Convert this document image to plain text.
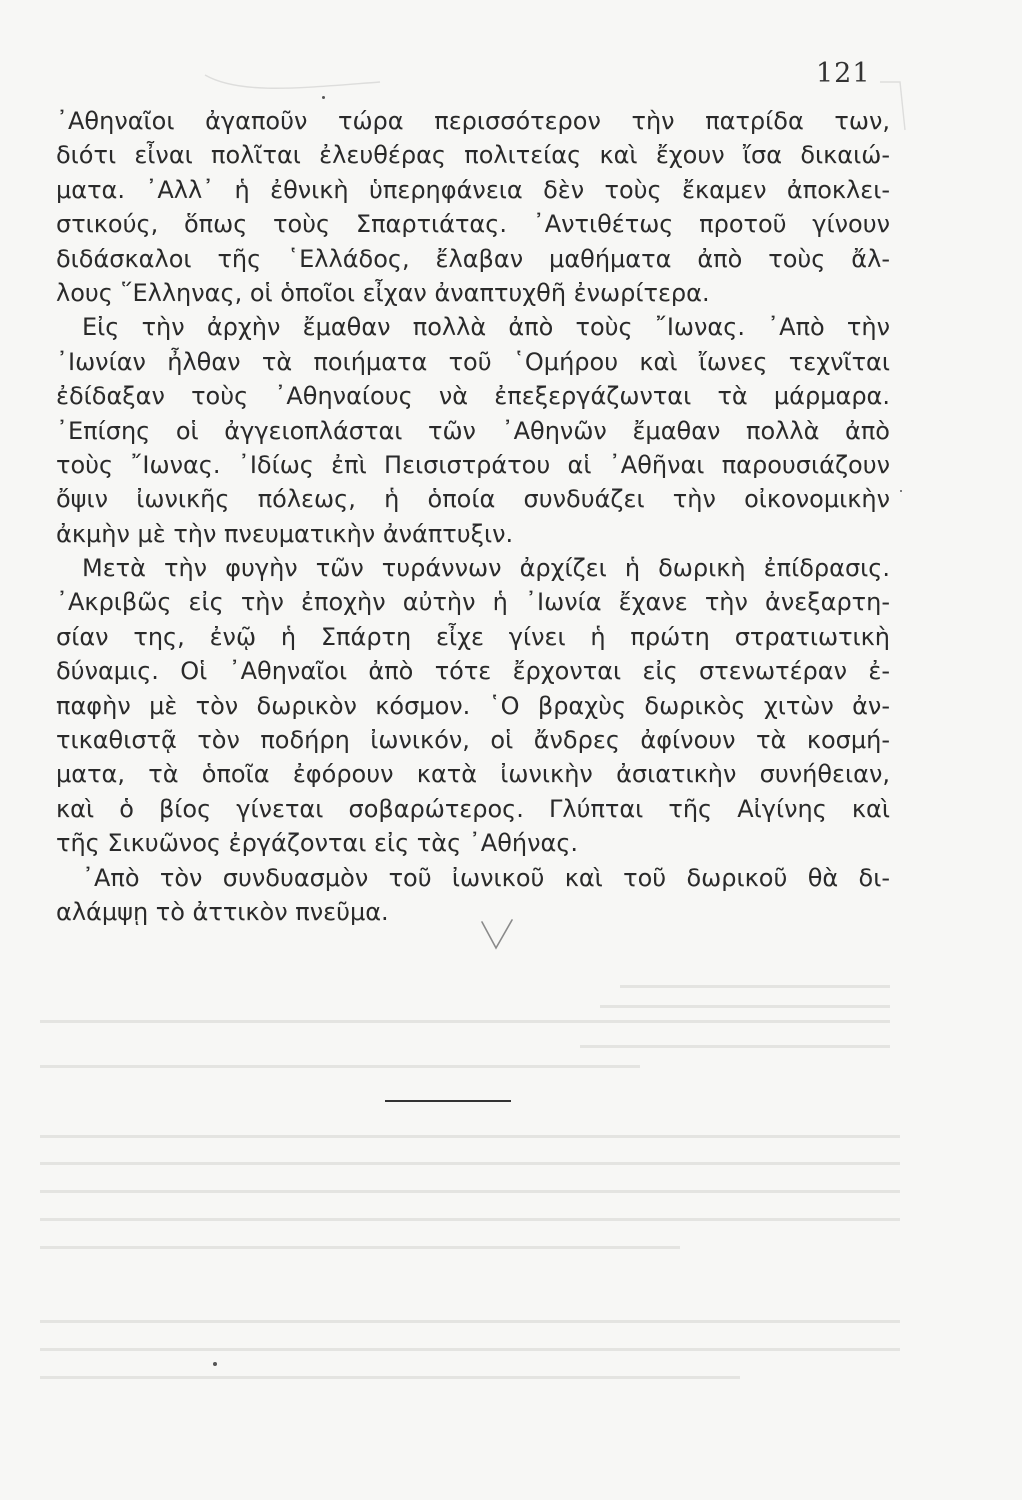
121
᾽Αθηναῖοι ἀγαποῦν τώρα περισσότερον τὴν πατρίδα των,
διότι εἶναι πολῖται ἐλευθέρας πολιτείας καὶ ἔχουν ἴσα δικαιώ-
ματα. ᾽Αλλ᾽ ἡ ἐθνικὴ ὑπερηφάνεια δὲν τοὺς ἔκαμεν ἀποκλει-
στικούς, ὅπως τοὺς Σπαρτιάτας. ᾽Αντιθέτως προτοῦ γίνουν
διδάσκαλοι τῆς ῾Ελλάδος, ἔλαβαν μαθήματα ἀπὸ τοὺς ἄλ-
λους ῞Ελληνας, οἱ ὁποῖοι εἶχαν ἀναπτυχθῆ ἐνωρίτερα.
Εἰς τὴν ἀρχὴν ἔμαθαν πολλὰ ἀπὸ τοὺς ῎Ιωνας. ᾽Απὸ τὴν
᾽Ιωνίαν ἦλθαν τὰ ποιήματα τοῦ ῾Ομήρου καὶ ἴωνες τεχνῖται
ἐδίδαξαν τοὺς ᾽Αθηναίους νὰ ἐπεξεργάζωνται τὰ μάρμαρα.
᾽Επίσης οἱ ἀγγειοπλάσται τῶν ᾽Αθηνῶν ἔμαθαν πολλὰ ἀπὸ
τοὺς ῎Ιωνας. ᾽Ιδίως ἐπὶ Πεισιστράτου αἱ ᾽Αθῆναι παρουσιάζουν
ὄψιν ἰωνικῆς πόλεως, ἡ ὁποία συνδυάζει τὴν οἰκονομικὴν
ἀκμὴν μὲ τὴν πνευματικὴν ἀνάπτυξιν.
Μετὰ τὴν φυγὴν τῶν τυράννων ἀρχίζει ἡ δωρικὴ ἐπίδρασις.
᾽Ακριβῶς εἰς τὴν ἐποχὴν αὐτὴν ἡ ᾽Ιωνία ἔχανε τὴν ἀνεξαρτη-
σίαν της, ἐνῷ ἡ Σπάρτη εἶχε γίνει ἡ πρώτη στρατιωτικὴ
δύναμις. Οἱ ᾽Αθηναῖοι ἀπὸ τότε ἔρχονται εἰς στενωτέραν ἐ-
παφὴν μὲ τὸν δωρικὸν κόσμον. ῾Ο βραχὺς δωρικὸς χιτὼν ἀν-
τικαθιστᾷ τὸν ποδήρη ἰωνικόν, οἱ ἄνδρες ἀφίνουν τὰ κοσμή-
ματα, τὰ ὁποῖα ἐφόρουν κατὰ ἰωνικὴν ἀσιατικὴν συνήθειαν,
καὶ ὁ βίος γίνεται σοβαρώτερος. Γλύπται τῆς Αἰγίνης καὶ
τῆς Σικυῶνος ἐργάζονται εἰς τὰς ᾽Αθήνας.
᾽Απὸ τὸν συνδυασμὸν τοῦ ἰωνικοῦ καὶ τοῦ δωρικοῦ θὰ δι-
αλάμψῃ τὸ ἀττικὸν πνεῦμα.
